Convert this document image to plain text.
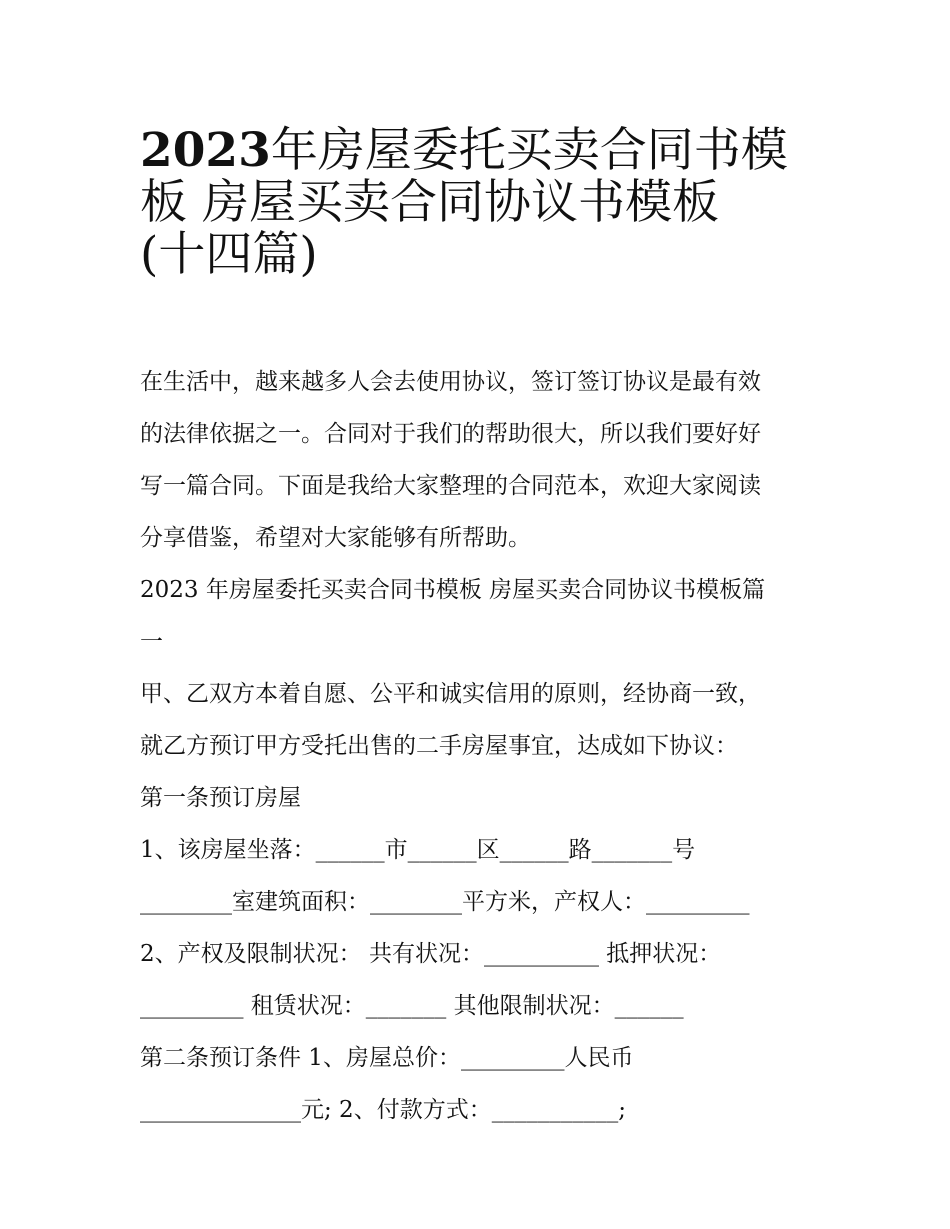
2023年房屋委托买卖合同书模
板 房屋买卖合同协议书模板
(十四篇)
在生活中，越来越多人会去使用协议，签订签订协议是最有效
的法律依据之一。合同对于我们的帮助很大，所以我们要好好
写一篇合同。下面是我给大家整理的合同范本，欢迎大家阅读
分享借鉴，希望对大家能够有所帮助。
2023 年房屋委托买卖合同书模板 房屋买卖合同协议书模板篇
一
甲、乙双方本着自愿、公平和诚实信用的原则，经协商一致，
就乙方预订甲方受托出售的二手房屋事宜，达成如下协议：
第一条预订房屋
1、该房屋坐落：______市______区______路_______号
________室建筑面积：________平方米，产权人：_________
2、产权及限制状况： 共有状况：__________ 抵押状况：
_________ 租赁状况：_______ 其他限制状况：______
第二条预订条件 1、房屋总价：_________人民币
______________元; 2、付款方式：___________;
